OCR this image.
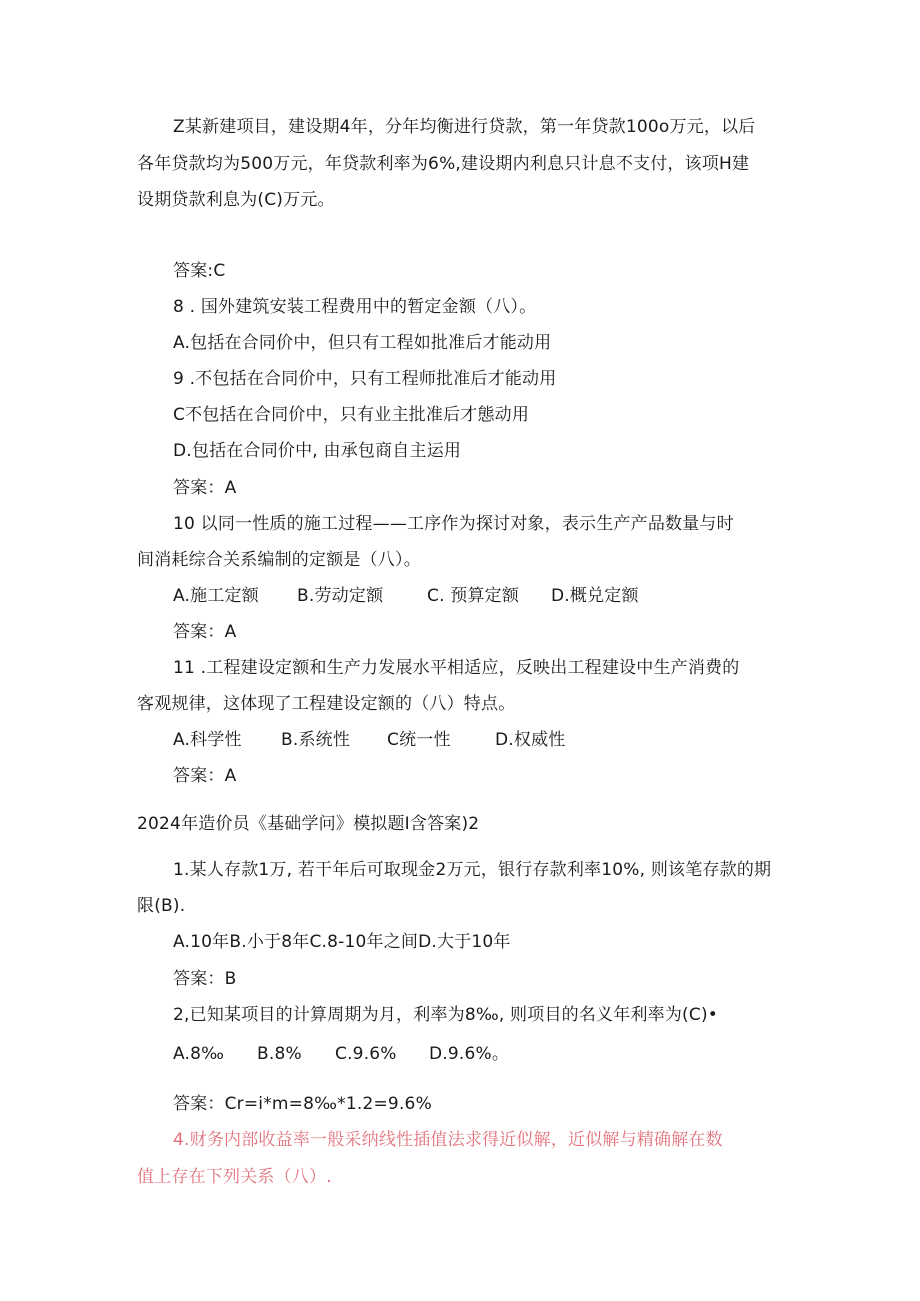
Z某新建项目，建设期4年，分年均衡进行贷款，第一年贷款100o万元，以后
各年贷款均为500万元，年贷款利率为6%,建设期内利息只计息不支付，该项H建
设期贷款利息为(C)万元。
答案:C
8 . 国外建筑安装工程费用中的暂定金额（八）。
A.包括在合同价中，但只有工程如批准后才能动用
9 .不包括在合同价中，只有工程师批准后才能动用
C不包括在合同价中，只有业主批准后才態动用
D.包括在合同价中, 由承包商自主运用
答案：A
10 以同一性质的施工过程——工序作为探讨对象，表示生产产品数量与时
间消耗综合关系编制的定额是（八）。
A.施工定额 B.劳动定额	C. 预算定额 D.概兑定额
答案：A
11 .工程建设定额和生产力发展水平相适应，反映出工程建设中生产消费的
客观规律，这体现了工程建设定额的（八）特点。
A.科学性 B.系统性 C统一性	D.权威性
答案：A
2024年造价员《基础学问》模拟题I含答案)2
1.某人存款1万, 若干年后可取现金2万元，银行存款利率10%, 则该笔存款的期
限(B).
A.10年B.小于8年C.8-10年之间D.大于10年
答案：B
2,已知某项目的计算周期为月，利率为8‰, 则项目的名义年利率为(C)•
A.8‰ B.8% C.9.6% D.9.6%。
答案：Cr=i*m=8‰*1.2=9.6%
4.财务内部收益率一般采纳线性插值法求得近似解，近似解与精确解在数
值上存在下列关系（八）.
